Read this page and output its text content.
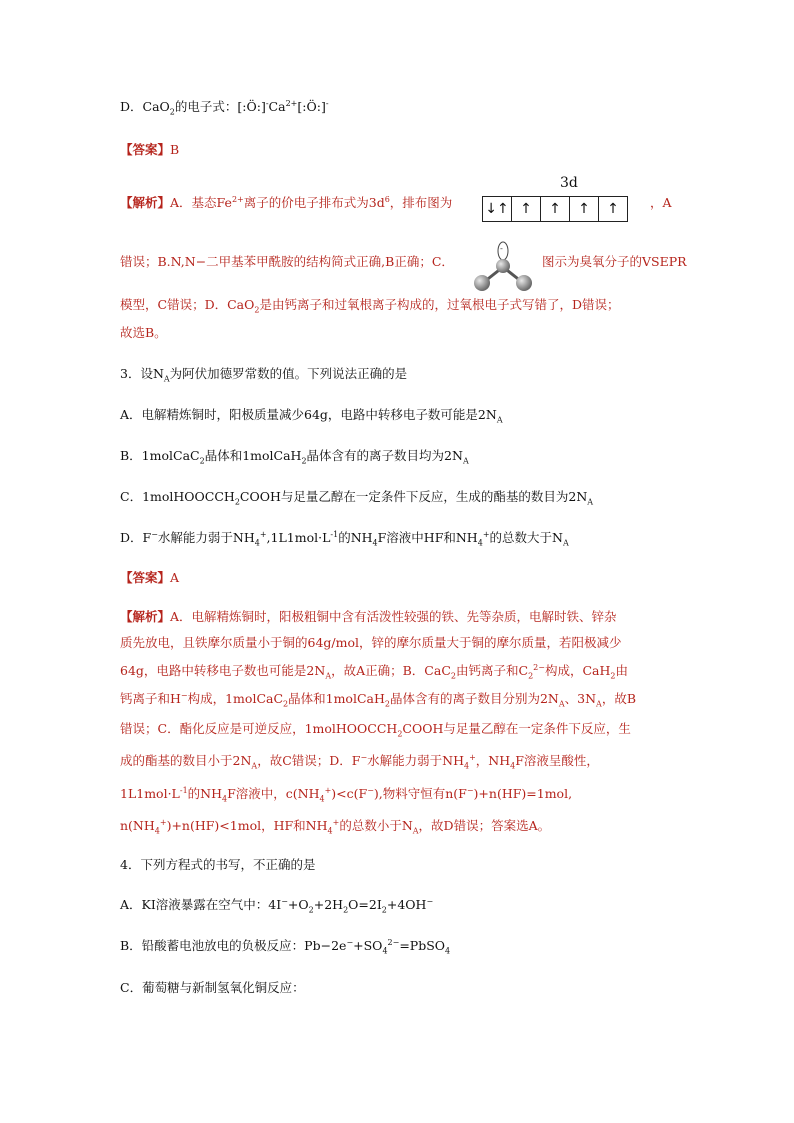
D．CaO$_2$的电子式：$[:Ö:]^-Ca^{2+}[:Ö:]^-$
【答案】B
【解析】A．基态$Fe^{2+}$离子的价电子排布式为$3d^6$，排布图为
3d
↓↑ ↑	↑	↑	↑	，A
错误；B.N,N−二甲基苯甲酰胺的结构简式正确,B正确；C．
-
图示为臭氧分子的VSEPR
模型，C错误；D．CaO$_2$是由钙离子和过氧根离子构成的，过氧根电子式写错了，D错误；
故选B。
3．设$N_A$为阿伏加德罗常数的值。下列说法正确的是
A．电解精炼铜时，阳极质量减少64g，电路中转移电子数可能是$2N_A$
B．1molCaC$_2$晶体和1molCaH$_2$晶体含有的离子数目均为$2N_A$
C．1molHOOCCH$_2$COOH与足量乙醇在一定条件下反应，生成的酯基的数目为$2N_A$
D．F−水解能力弱于$NH_4^+,1L1mol\cdot L^{-1}$的$NH_4F$溶液中HF和$NH_4^+$的总数大于$N_A$
【答案】A
【解析】A．电解精炼铜时，阳极粗铜中含有活泼性较强的铁、先等杂质，电解时铁、锌杂
质先放电，且铁摩尔质量小于铜的64g/mol，锌的摩尔质量大于铜的摩尔质量，若阳极减少
64g，电路中转移电子数也可能是$2N_A$，故A正确；B．CaC$_2$由钙离子和$C_2^{2-}$构成，CaH$_2$由
钙离子和H−构成，1molCaC$_2$晶体和1molCaH$_2$晶体含有的离子数目分别为$2N_A$、$3N_A$，故B
错误；C．酯化反应是可逆反应，1molHOOCCH$_2$COOH与足量乙醇在一定条件下反应，生
成的酯基的数目小于$2N_A$，故C错误；D．F−水解能力弱于$NH_4^+$，$NH_4F$溶液呈酸性，
$1L1mol\cdot L^{-1}$的$NH_4F$溶液中，$c(NH_4^+)<c(F^-)$,物料守恒有n(F−)+n(HF)=1mol,
$n(NH_4^+)+n(HF)<1mol$，HF和$NH_4^+$的总数小于$N_A$，故D错误；答案选A。
4．下列方程式的书写，不正确的是
A．KI溶液暴露在空气中：$4I^-+O_2+2H_2O=2I_2+4OH^-$
B．铅酸蓄电池放电的负极反应：$Pb-2e^-+SO_4^{2-}=PbSO_4$
C．葡萄糖与新制氢氧化铜反应：
